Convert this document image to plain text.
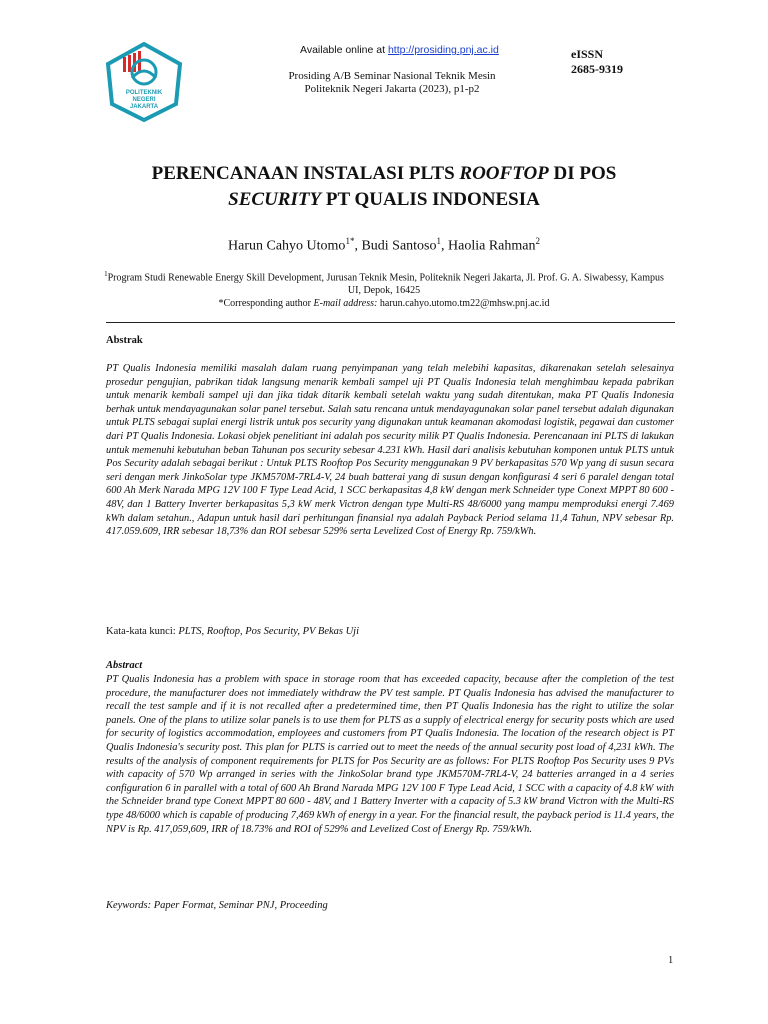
POLITEKNIK
NEGERI
JAKARTA
Available online at http://prosiding.pnj.ac.id	eISSN
2685-9319
Prosiding A/B Seminar Nasional Teknik Mesin
Politeknik Negeri Jakarta (2023), p1-p2
PERENCANAAN INSTALASI PLTS ROOFTOP DI POS
SECURITY PT QUALIS INDONESIA
Harun Cahyo Utomo$^{1*}$, Budi Santoso$^1$, Haolia Rahman$^2$
$^1$Program Studi Renewable Energy Skill Development, Jurusan Teknik Mesin, Politeknik Negeri Jakarta, Jl. Prof. G. A. Siwabessy, Kampus UI, Depok, 16425
*Corresponding author E-mail address: harun.cahyo.utomo.tm22@mhsw.pnj.ac.id
Abstrak

PT Qualis Indonesia memiliki masalah dalam ruang penyimpanan yang telah melebihi kapasitas, dikarenakan setelah selesainya prosedur pengujian, pabrikan tidak langsung menarik kembali sampel uji PT Qualis Indonesia telah menghimbau kepada pabrikan untuk menarik kembali sampel uji dan jika tidak ditarik kembali setelah waktu yang sudah ditentukan, maka PT Qualis Indonesia berhak untuk mendayagunakan solar panel tersebut. Salah satu rencana untuk mendayagunakan solar panel tersebut adalah digunakan untuk PLTS sebagai suplai energi listrik untuk pos security yang digunakan untuk keamanan akomodasi logistik, pegawai dan customer dari PT Qualis Indonesia. Lokasi objek penelitiant ini adalah pos security milik PT Qualis Indonesia. Perencanaan ini PLTS di lakukan untuk memenuhi kebutuhan beban Tahunan pos security sebesar 4.231 kWh. Hasil dari analisis kebutuhan komponen untuk PLTS untuk Pos Security adalah sebagai berikut : Untuk PLTS Rooftop Pos Security menggunakan 9 PV berkapasitas 570 Wp yang di susun secara seri dengan merk JinkoSolar type JKM570M-7RL4-V, 24 buah batterai yang di susun dengan konfigurasi 4 seri 6 paralel dengan total 600 Ah Merk Narada MPG 12V 100 F Type Lead Acid, 1 SCC berkapasitas 4,8 kW dengan merk Schneider type Conext MPPT 80 600 - 48V, dan 1 Battery Inverter berkapasitas 5,3 kW merk Victron dengan type Multi-RS 48/6000 yang mampu memproduksi energi 7.469 kWh dalam setahun., Adapun untuk hasil dari perhitungan finansial nya adalah Payback Period selama 11,4 Tahun, NPV sebesar Rp. 417.059.609, IRR sebesar 18,73% dan ROI sebesar 529% serta Levelized Cost of Energy Rp. 759/kWh.

Kata-kata kunci: PLTS, Rooftop, Pos Security, PV Bekas Uji
Abstract

PT Qualis Indonesia has a problem with space in storage room that has exceeded capacity, because after the completion of the test procedure, the manufacturer does not immediately withdraw the PV test sample. PT Qualis Indonesia has advised the manufacturer to recall the test sample and if it is not recalled after a predetermined time, then PT Qualis Indonesia has the right to utilize the solar panels. One of the plans to utilize solar panels is to use them for PLTS as a supply of electrical energy for security posts which are used for security of logistics accommodation, employees and customers from PT Qualis Indonesia. The location of the research object is PT Qualis Indonesia's security post. This plan for PLTS is carried out to meet the needs of the annual security post load of 4,231 kWh. The results of the analysis of component requirements for PLTS for Pos Security are as follows: For PLTS Rooftop Pos Security uses 9 PVs with capacity of 570 Wp arranged in series with the JinkoSolar brand type JKM570M-7RL4-V, 24 batteries arranged in a 4 series configuration 6 in parallel with a total of 600 Ah Brand Narada MPG 12V 100 F Type Lead Acid, 1 SCC with a capacity of 4.8 kW with the Schneider brand type Conext MPPT 80 600 - 48V, and 1 Battery Inverter with a capacity of 5.3 kW brand Victron with the Multi-RS type 48/6000 which is capable of producing 7,469 kWh of energy in a year. For the financial result, the payback period is 11.4 years, the NPV is Rp. 417,059,609, IRR of 18.73% and ROI of 529% and Levelized Cost of Energy Rp. 759/kWh.

Keywords: Paper Format, Seminar PNJ, Proceeding
1
